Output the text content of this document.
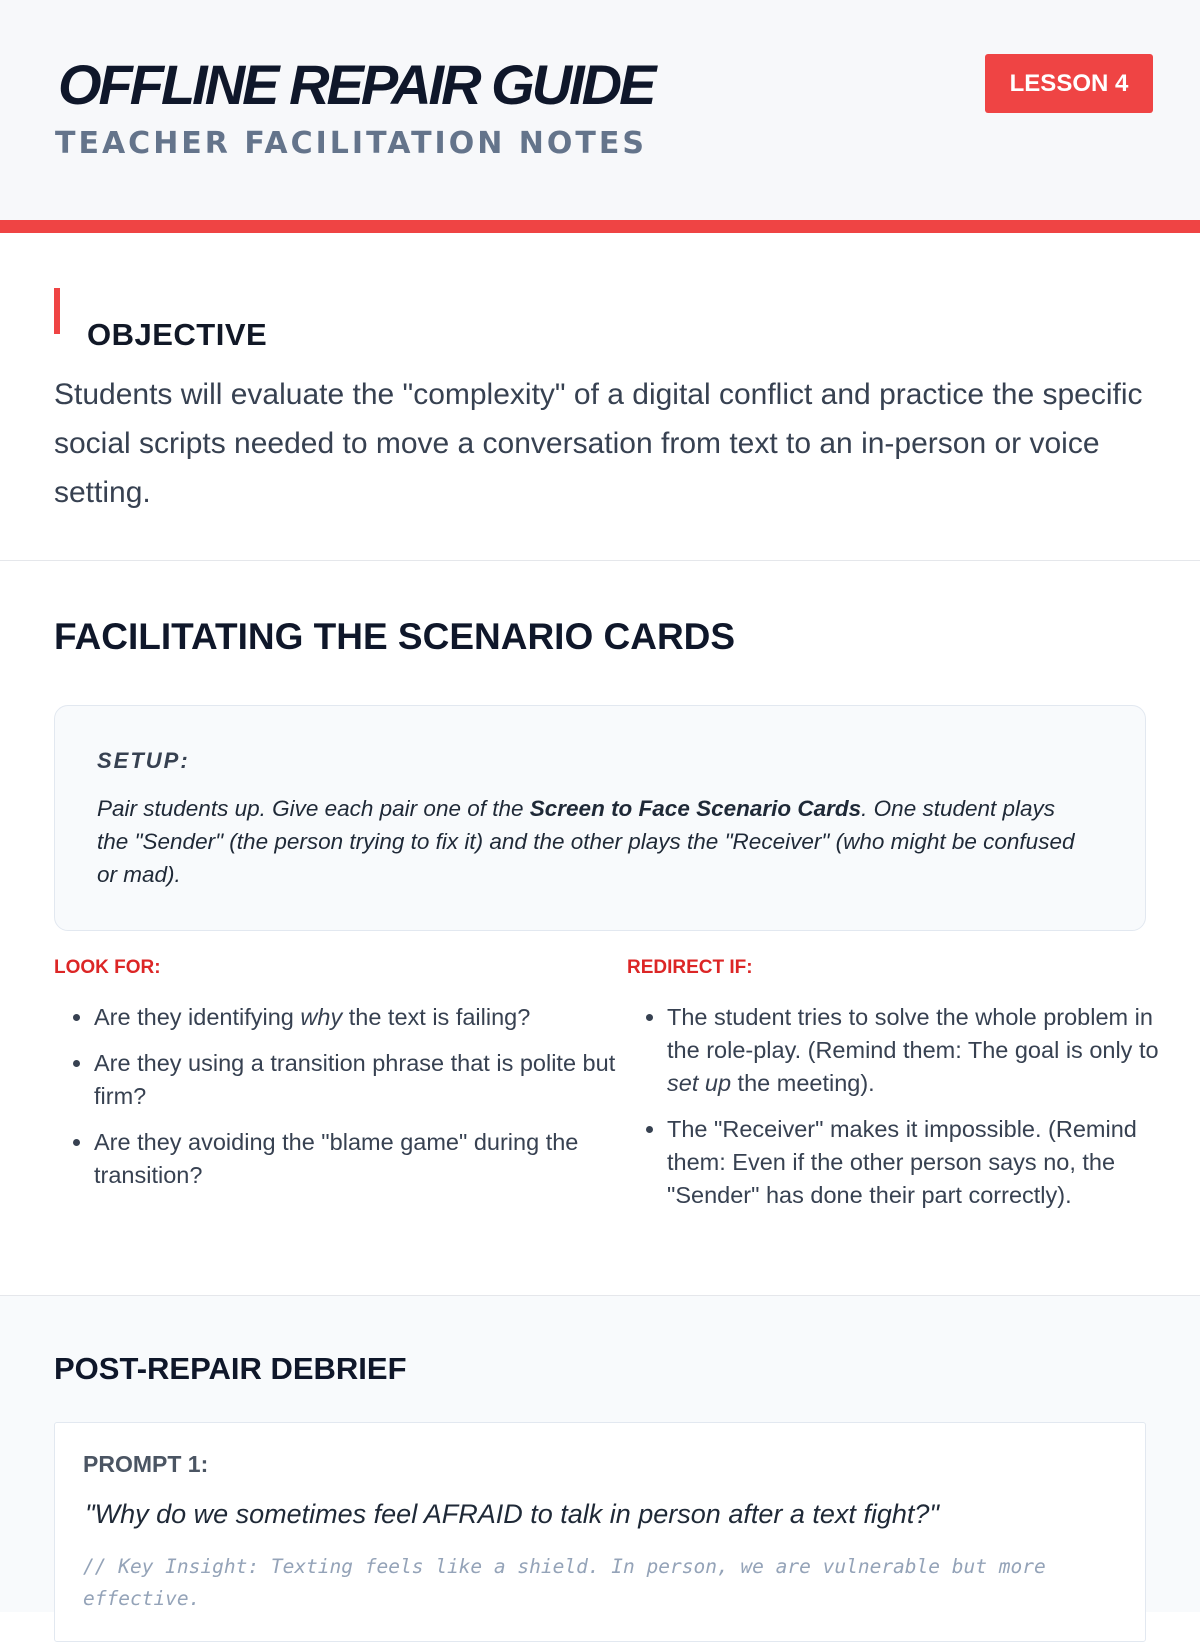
OFFLINE REPAIR GUIDE
TEACHER FACILITATION NOTES
LESSON 4
OBJECTIVE

Students will evaluate the "complexity" of a digital conflict and practice the specific social scripts needed to move a conversation from text to an in-person or voice setting.

FACILITATING THE SCENARIO CARDS
SETUP:

Pair students up. Give each pair one of the Screen to Face Scenario Cards. One student plays the "Sender" (the person trying to fix it) and the other plays the "Receiver" (who might be confused or mad).

LOOK FOR:
• Are they identifying why the text is failing?
• Are they using a transition phrase that is polite but firm?
• Are they avoiding the "blame game" during the transition?
REDIRECT IF:
• The student tries to solve the whole problem in the role-play. (Remind them: The goal is only to set up the meeting).
• The "Receiver" makes it impossible. (Remind them: Even if the other person says no, the "Sender" has done their part correctly).
POST-REPAIR DEBRIEF
PROMPT 1:
"Why do we sometimes feel AFRAID to talk in person after a text fight?"
// Key Insight: Texting feels like a shield. In person, we are vulnerable but more effective.
